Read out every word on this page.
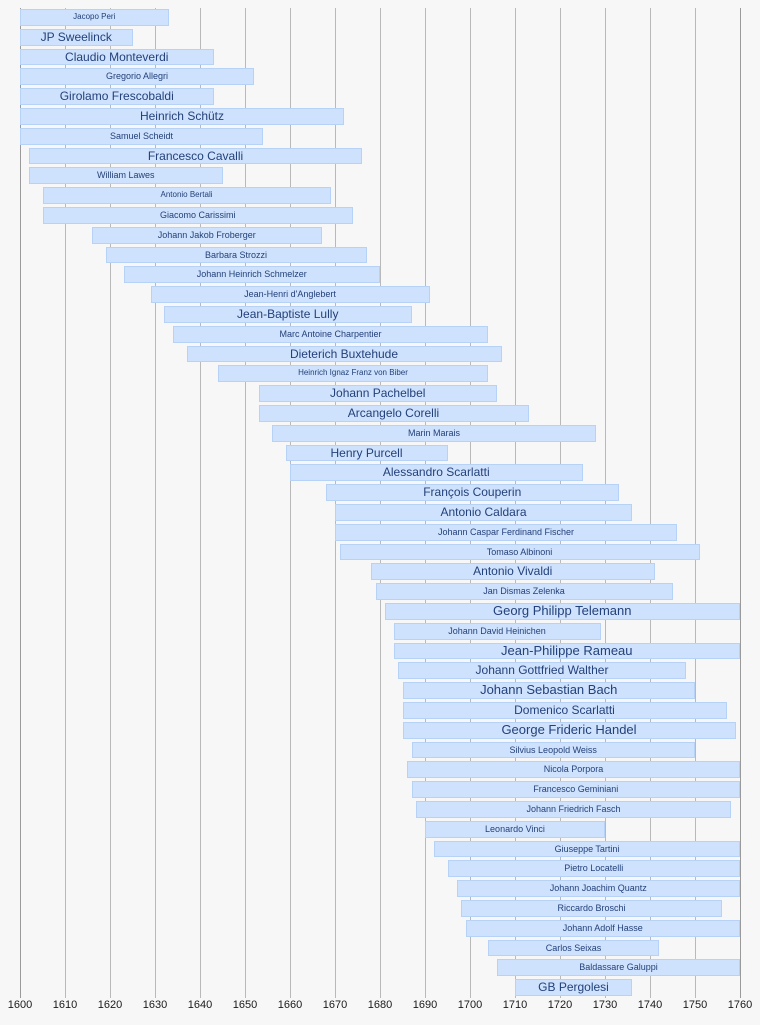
Jacopo Peri
JP Sweelinck
Claudio Monteverdi
Gregorio Allegri
Girolamo Frescobaldi
Heinrich Schütz
Samuel Scheidt
Francesco Cavalli
William Lawes
Antonio Bertali
Giacomo Carissimi
Johann Jakob Froberger
Barbara Strozzi
Johann Heinrich Schmelzer
Jean-Henri d'Anglebert
Jean-Baptiste Lully
Marc Antoine Charpentier
Dieterich Buxtehude
Heinrich Ignaz Franz von Biber
Johann Pachelbel
Arcangelo Corelli
Marin Marais
Henry Purcell
Alessandro Scarlatti
François Couperin
Antonio Caldara
Johann Caspar Ferdinand Fischer
Tomaso Albinoni
Antonio Vivaldi
Jan Dismas Zelenka
Georg Philipp Telemann
Johann David Heinichen
Jean-Philippe Rameau
Johann Gottfried Walther
Johann Sebastian Bach
Domenico Scarlatti
George Frideric Handel
Silvius Leopold Weiss
Nicola Porpora
Francesco Geminiani
Johann Friedrich Fasch
Leonardo Vinci
Giuseppe Tartini
Pietro Locatelli
Johann Joachim Quantz
Riccardo Broschi
Johann Adolf Hasse
Carlos Seixas
Baldassare Galuppi
GB Pergolesi
1600 1610 1620 1630 1640 1650 1660 1670 1680 1690 1700 1710 1720 1730 1740 1750 1760
